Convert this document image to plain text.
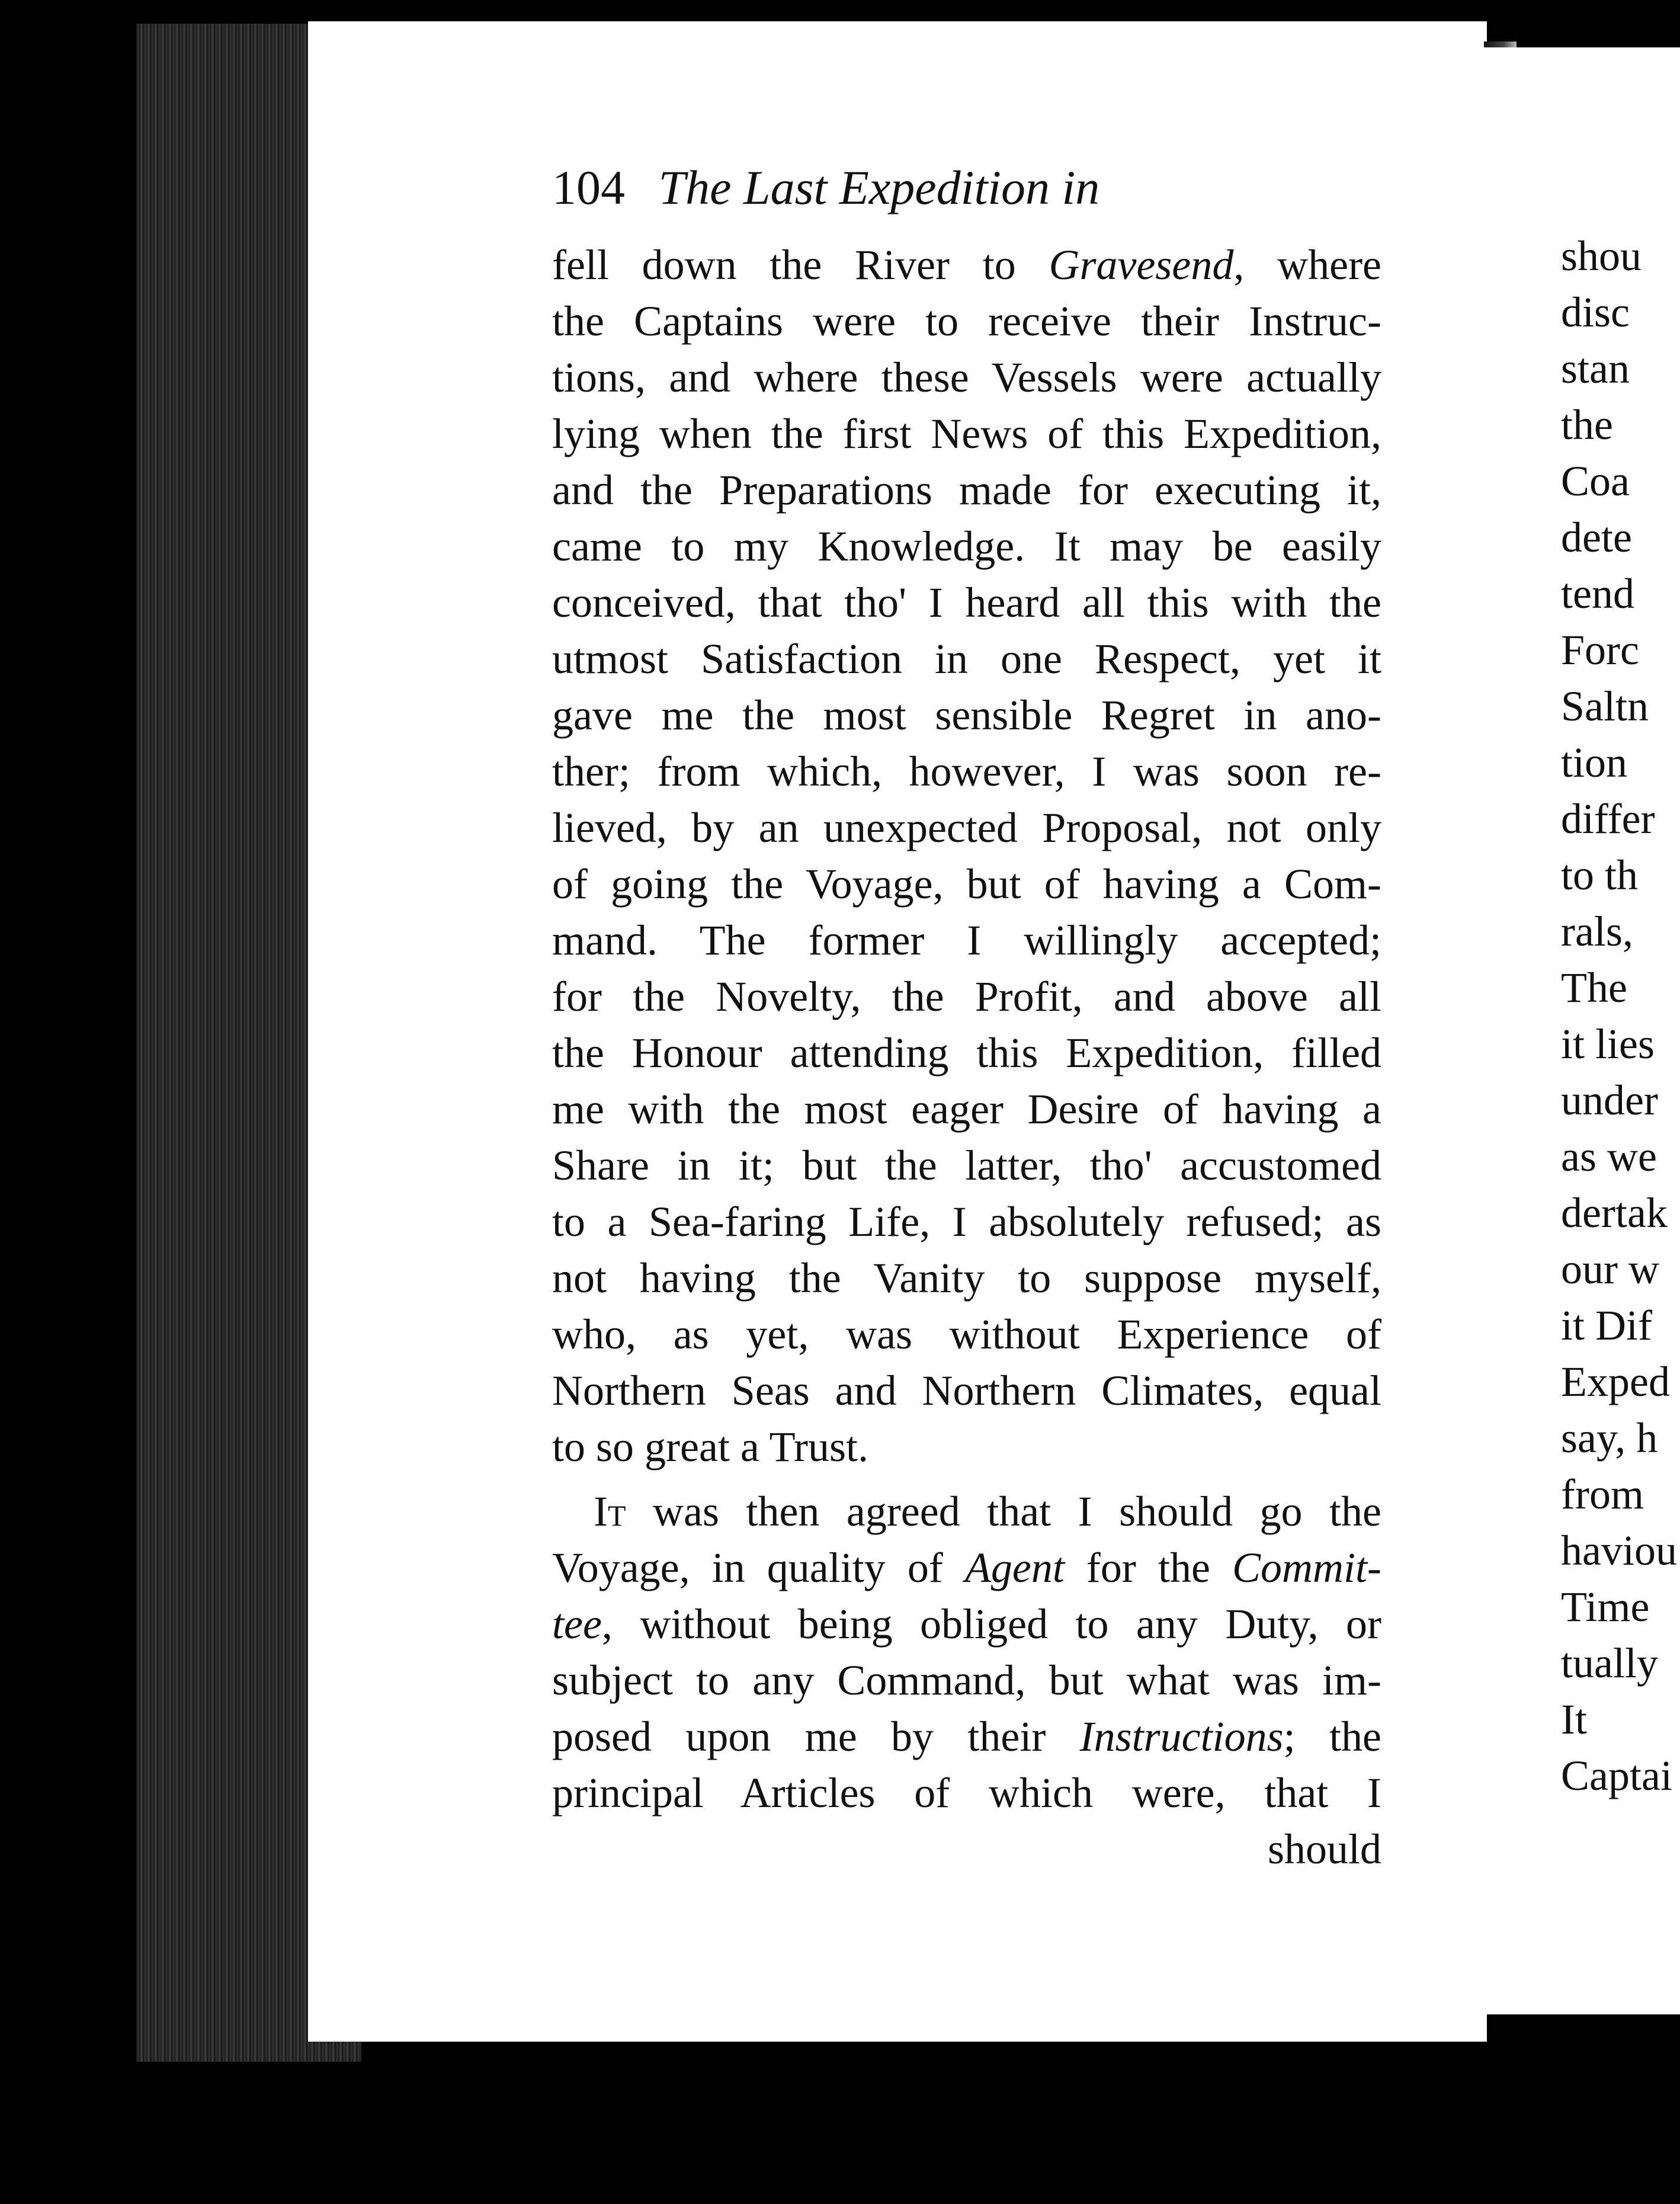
104 The Last Expedition in
fell down the River to Gravesend, where
the Captains were to receive their Instruc-
tions, and where these Vessels were actually
lying when the first News of this Expedition,
and the Preparations made for executing it,
came to my Knowledge. It may be easily
conceived, that tho' I heard all this with the
utmost Satisfaction in one Respect, yet it
gave me the most sensible Regret in ano-
ther; from which, however, I was soon re-
lieved, by an unexpected Proposal, not only
of going the Voyage, but of having a Com-
mand. The former I willingly accepted;
for the Novelty, the Profit, and above all
the Honour attending this Expedition, filled
me with the most eager Desire of having a
Share in it; but the latter, tho' accustomed
to a Sea-faring Life, I absolutely refused; as
not having the Vanity to suppose myself,
who, as yet, was without Experience of
Northern Seas and Northern Climates, equal
to so great a Trust.
It was then agreed that I should go the
Voyage, in quality of Agent for the Commit-
tee, without being obliged to any Duty, or
subject to any Command, but what was im-
posed upon me by their Instructions; the
principal Articles of which were, that I
should
shou
disc
stan
the
Coa
dete
tend
Forc
Saltn
tion
differ
to th
rals,
The
it lies
under
as we
dertak
our w
it Dif
Exped
say, h
from
haviou
Time
tually
It
Captai
